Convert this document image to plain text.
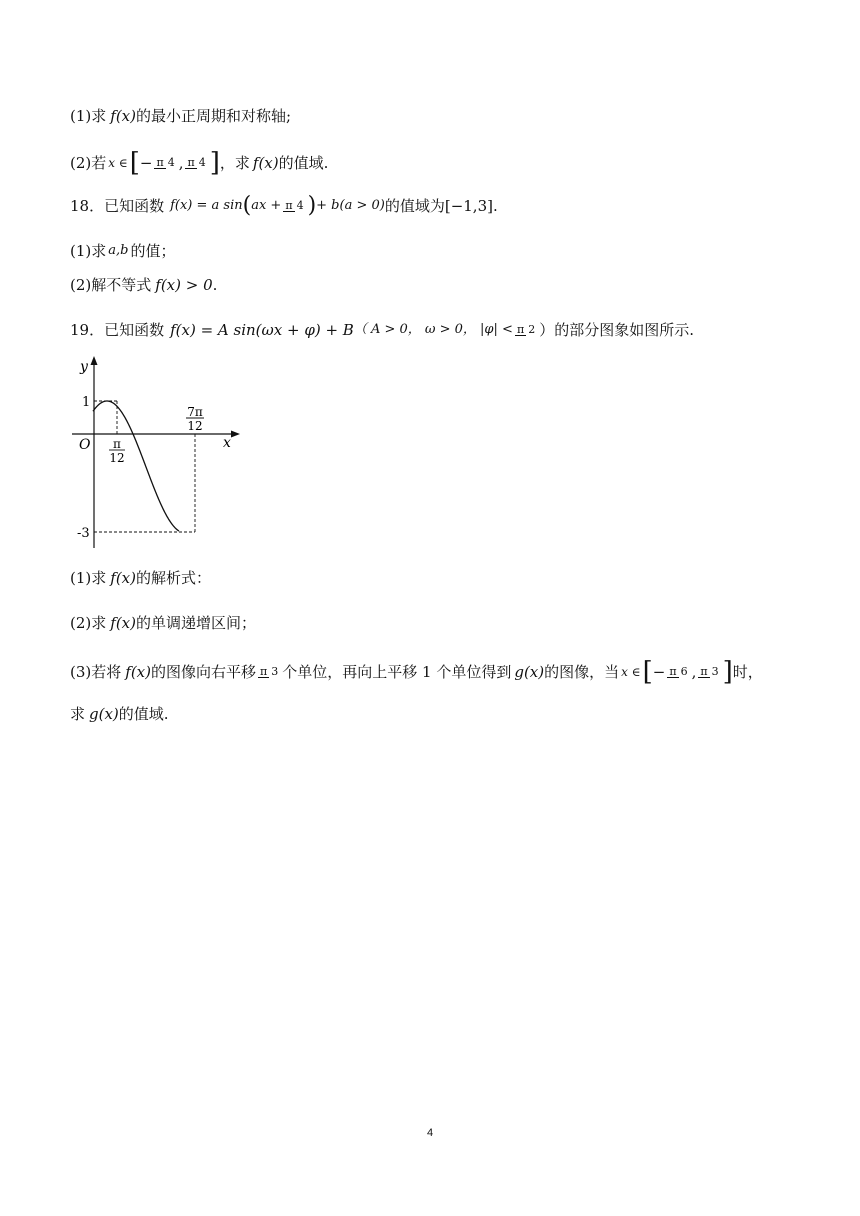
(1)求 f (x) 的最小正周期和对称轴;
(2)若 x ∈ [ − π 4 , π 4 ] ，求 f (x) 的值域.
18．已知函数 f (x) = a sin ( ax + π 4 ) + b(a > 0) 的值域为 [−1,3] .
(1)求 a,b 的值；
(2)解不等式 f (x) > 0 .
19．已知函数 f (x) = A sin(ωx + φ) + B （ A > 0， ω > 0， |φ| < π 2 ）的部分图象如图所示.
y
x
O
1
-3
π
12
7π
12
(1)求 f (x) 的解析式：
(2)求 f (x) 的单调递增区间；
(3)若将 f (x) 的图像向右平移 π 3 个单位，再向上平移 1 个单位得到 g (x) 的图像，当 x ∈ [ − π 6 , π 3 ] 时，
求 g (x) 的值域.
4
